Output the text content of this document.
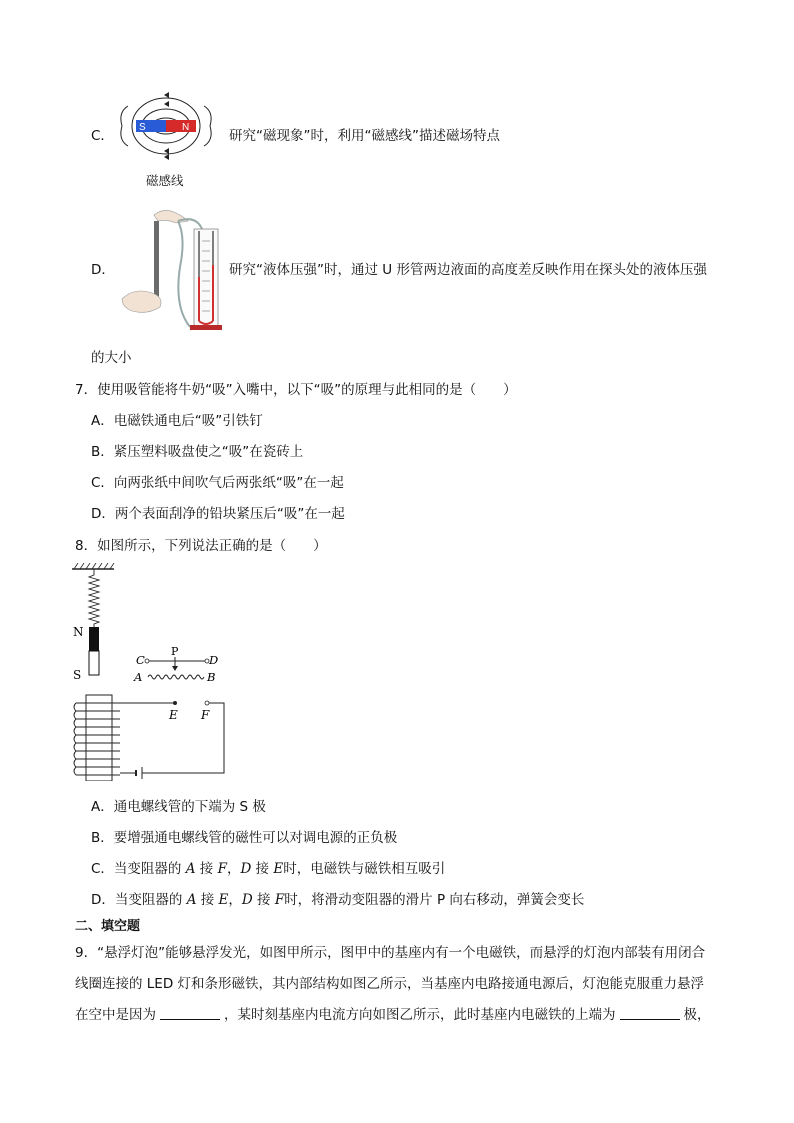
C．
S	N
磁感线
研究“磁现象”时，利用“磁感线”描述磁场特点
D．	研究“液体压强”时，通过 U 形管两边液面的高度差反映作用在探头处的液体压强
的大小
7．使用吸管能将牛奶“吸”入嘴中，以下“吸”的原理与此相同的是（　　）
A．电磁铁通电后“吸”引铁钉
B．紧压塑料吸盘使之“吸”在瓷砖上
C．向两张纸中间吹气后两张纸“吸”在一起
D．两个表面刮净的铅块紧压后“吸”在一起
8．如图所示，下列说法正确的是（　　）
N
S
P
C	D
A	B
E F
A．通电螺线管的下端为 S 极
B．要增强通电螺线管的磁性可以对调电源的正负极
C．当变阻器的 A 接 F，D 接 E时，电磁铁与磁铁相互吸引
D．当变阻器的 A 接 E，D 接 F时，将滑动变阻器的滑片 P 向右移动，弹簧会变长
二、填空题
9．“悬浮灯泡”能够悬浮发光，如图甲所示，图甲中的基座内有一个电磁铁，而悬浮的灯泡内部装有用闭合
线圈连接的 LED 灯和条形磁铁，其内部结构如图乙所示，当基座内电路接通电源后，灯泡能克服重力悬浮
在空中是因为	，某时刻基座内电流方向如图乙所示，此时基座内电磁铁的上端为	极，
